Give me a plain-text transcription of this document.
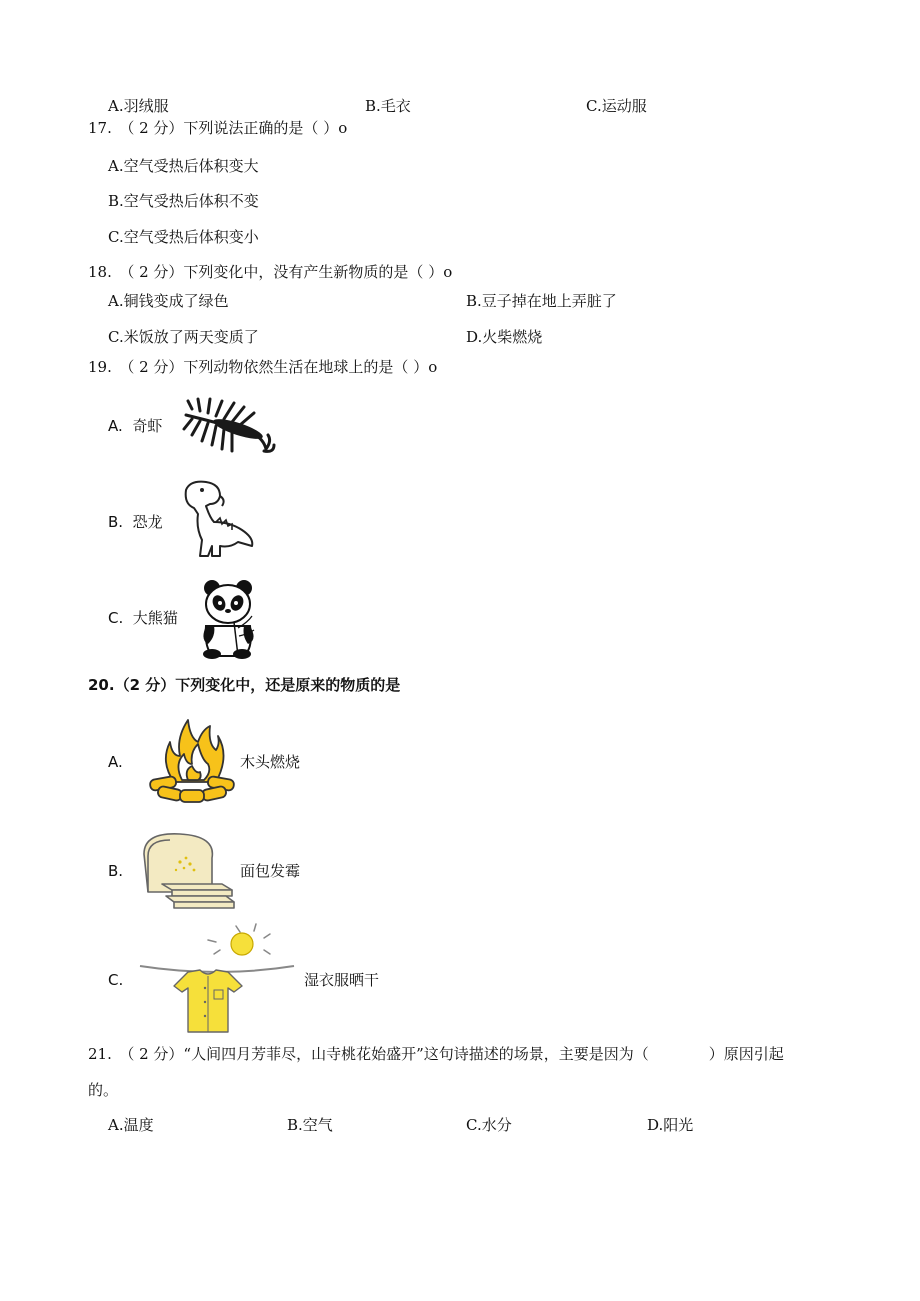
A.羽绒服	B.毛衣	C.运动服
17.　（ 2 分）下列说法正确的是（ ）o
A.空气受热后体积变大
B.空气受热后体积不变
C.空气受热后体积变小
18.　（ 2 分）下列变化中，没有产生新物质的是（ ）o
A.铜钱变成了绿色	B.豆子掉在地上弄脏了
C.米饭放了两天变质了	D.火柴燃烧
19.　（ 2 分）下列动物依然生活在地球上的是（ ）o
A. 奇虾
B. 恐龙
C. 大熊猫
20.（2 分）下列变化中，还是原来的物质的是
A.	木头燃烧
B.	面包发霉
C.	湿衣服晒干
21.　（ 2 分）“人间四月芳菲尽，山寺桃花始盛开”这句诗描述的场景，主要是因为（　　　　）原因引起
的。
A.温度	B.空气	C.水分	D.阳光
